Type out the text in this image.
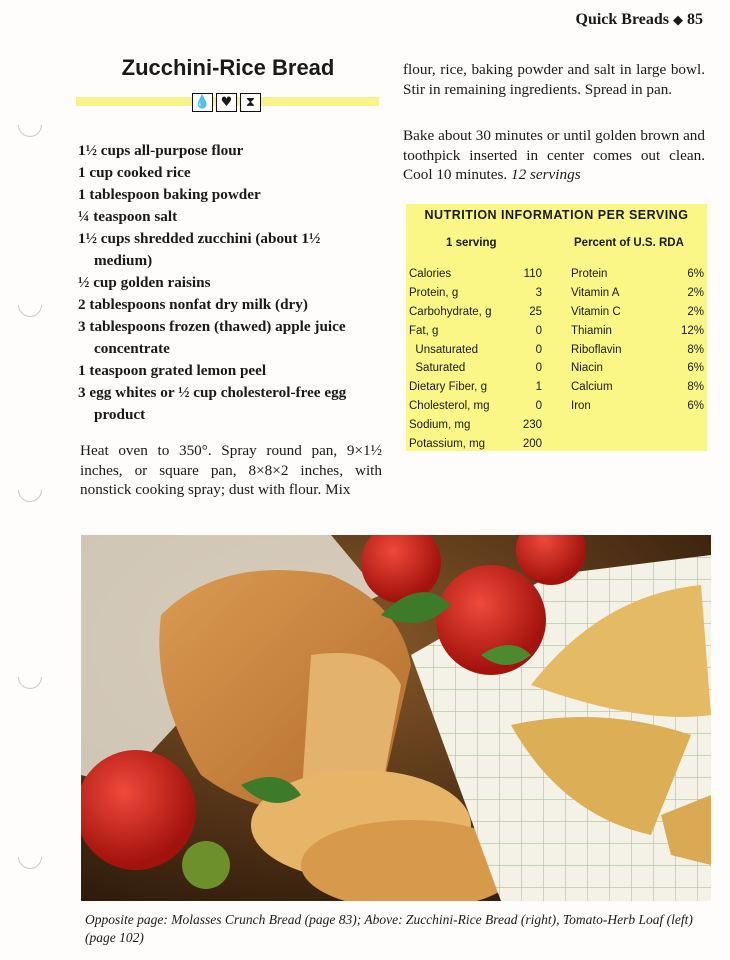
Quick Breads ◆ 85
Zucchini-Rice Bread
💧 ♥	⧗
1½ cups all-purpose flour
1 cup cooked rice
1 tablespoon baking powder
¼ teaspoon salt
1½ cups shredded zucchini (about 1½ medium)
½ cup golden raisins
2 tablespoons nonfat dry milk (dry)
3 tablespoons frozen (thawed) apple juice concentrate
1 teaspoon grated lemon peel
3 egg whites or ½ cup cholesterol-free egg product
Heat oven to 350°. Spray round pan, 9×1½ inches, or square pan, 8×8×2 inches, with nonstick cooking spray; dust with flour. Mix
flour, rice, baking powder and salt in large bowl. Stir in remaining ingredients. Spread in pan.
Bake about 30 minutes or until golden brown and toothpick inserted in center comes out clean. Cool 10 minutes. 12 servings
NUTRITION INFORMATION PER SERVING
1 serving	Percent of U.S. RDA
Calories	110
Protein, g	3
Carbohydrate, g	25
Fat, g	0
Unsaturated	0
Saturated	0
Dietary Fiber, g	1
Cholesterol, mg	0
Sodium, mg	230
Potassium, mg	200
Protein	6%
Vitamin A	2%
Vitamin C	2%
Thiamin	12%
Riboflavin	8%
Niacin	6%
Calcium	8%
Iron	6%
Opposite page: Molasses Crunch Bread (page 83); Above: Zucchini-Rice Bread (right), Tomato-Herb Loaf (left) (page 102)
